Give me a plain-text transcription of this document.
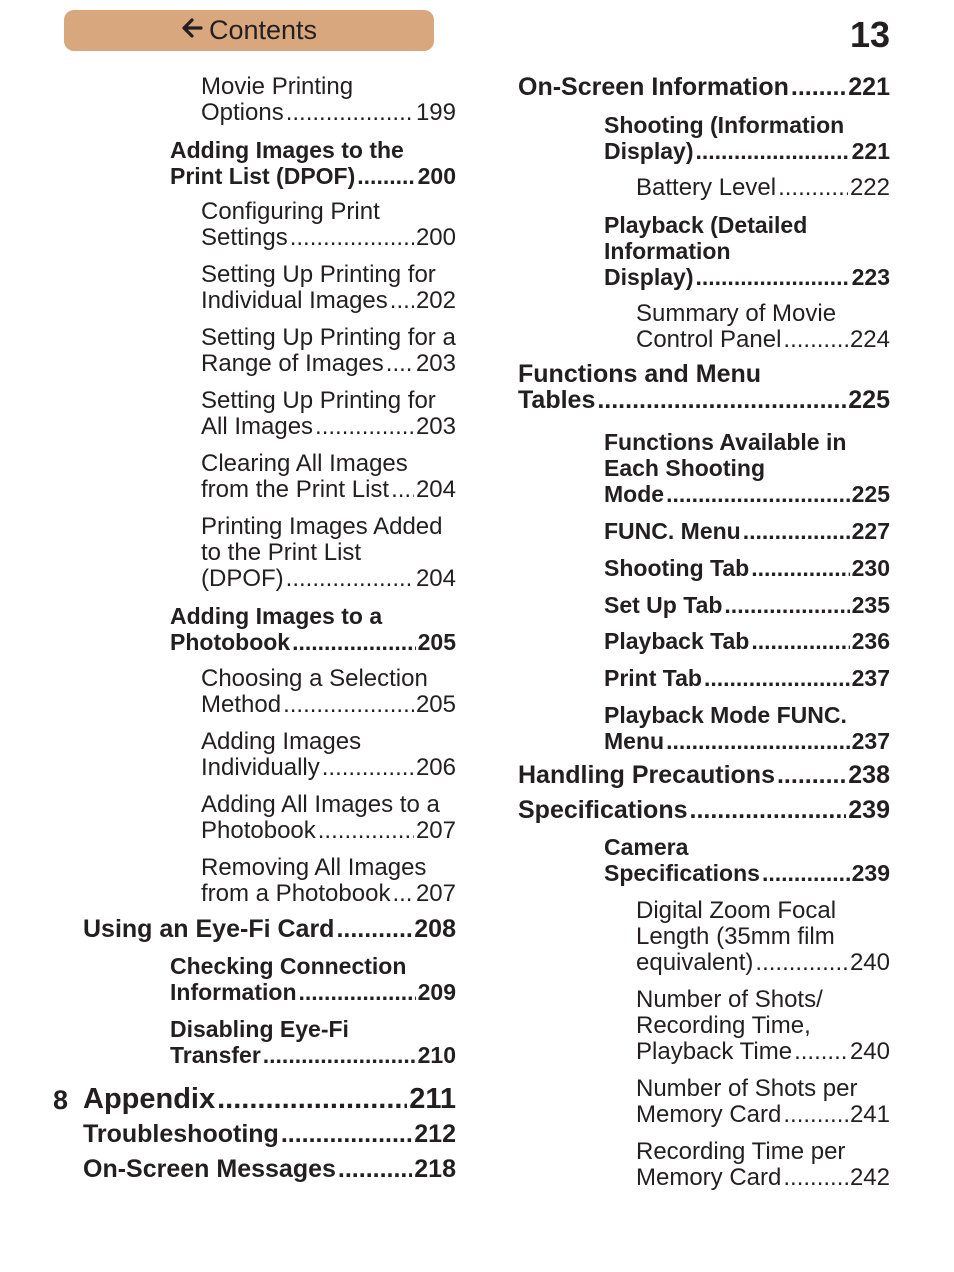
Contents	13
Movie Printing
Options .....	199
Adding Images to the
Print List (DPOF) .....	200
Configuring Print
Settings .....	200
Setting Up Printing for
Individual Images ..... 202
Setting Up Printing for a
Range of Images ..... 203
Setting Up Printing for
All Images .....	203
Clearing All Images
from the Print List ..... 204
Printing Images Added
to the Print List
(DPOF) .....	204
Adding Images to a
Photobook .....	205
Choosing a Selection
Method .....	205
Adding Images
Individually .....	206
Adding All Images to a
Photobook .....	207
Removing All Images
from a Photobook ..... 207
Using an Eye-Fi Card .....	208
Checking Connection
Information .....	209
Disabling Eye-Fi
Transfer .....	210
Appendix .....	211
8
Troubleshooting .....	212
On-Screen Messages .....	218
On-Screen Information ..... 221
Shooting (Information
Display) .....	221
Battery Level .....	222
Playback (Detailed
Information
Display) .....	223
Summary of Movie
Control Panel .....	224
Functions and Menu
Tables .....	225
Functions Available in
Each Shooting
Mode .....	225
FUNC. Menu .....	227
Shooting Tab .....	230
Set Up Tab .....	235
Playback Tab .....	236
Print Tab .....	237
Playback Mode FUNC.
Menu .....	237
Handling Precautions .....	238
Specifications .....	239
Camera
Specifications .....	239
Digital Zoom Focal
Length (35mm film
equivalent) .....	240
Number of Shots/
Recording Time,
Playback Time ..... 240
Number of Shots per
Memory Card .....	241
Recording Time per
Memory Card .....	242
